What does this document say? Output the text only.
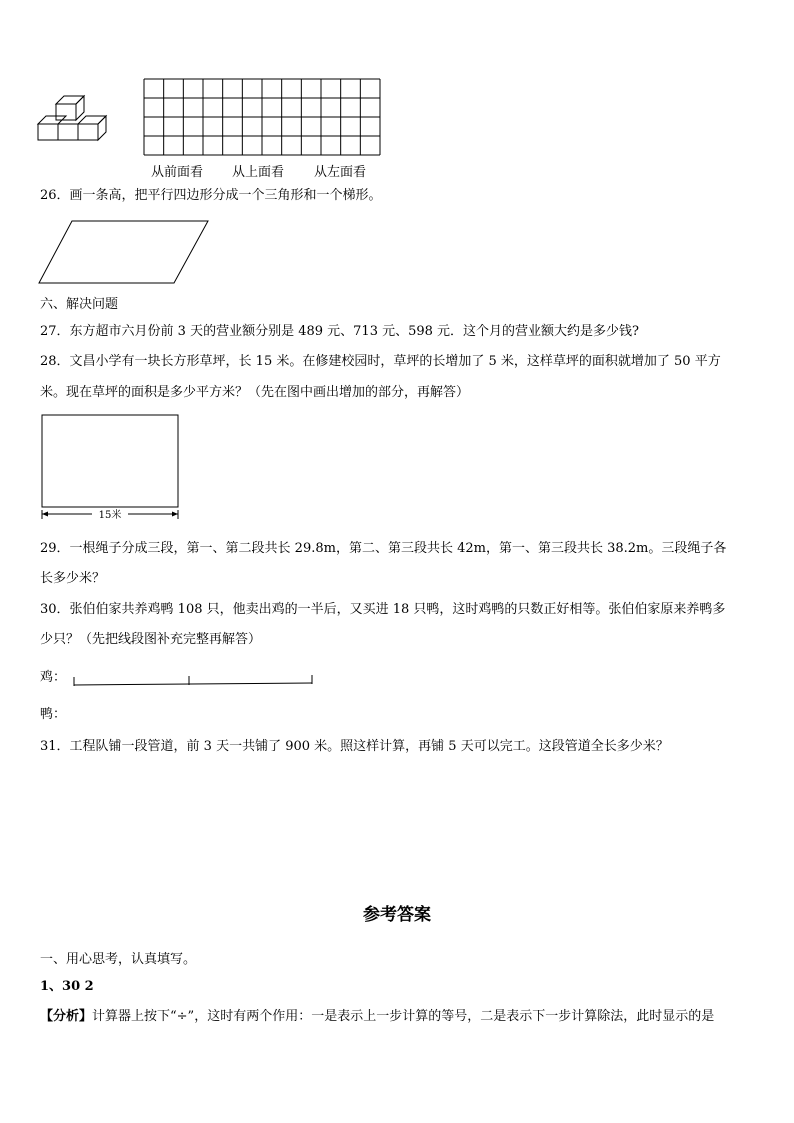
从前面看 从上面看 从左面看
26．画一条高，把平行四边形分成一个三角形和一个梯形。
六、解决问题
27．东方超市六月份前 3 天的营业额分别是 489 元、713 元、598 元．这个月的营业额大约是多少钱?
28．文昌小学有一块长方形草坪，长 15 米。在修建校园时，草坪的长增加了 5 米，这样草坪的面积就增加了 50 平方
米。现在草坪的面积是多少平方米？（先在图中画出增加的部分，再解答）
15米
29．一根绳子分成三段，第一、第二段共长 29.8m，第二、第三段共长 42m，第一、第三段共长 38.2m。三段绳子各
长多少米？
30．张伯伯家共养鸡鸭 108 只，他卖出鸡的一半后，又买进 18 只鸭，这时鸡鸭的只数正好相等。张伯伯家原来养鸭多
少只？（先把线段图补充完整再解答）
鸡：
鸭：
31．工程队铺一段管道，前 3 天一共铺了 900 米。照这样计算，再铺 5 天可以完工。这段管道全长多少米？
参考答案
一、用心思考，认真填写。
1、30 2
【分析】计算器上按下“÷”，这时有两个作用：一是表示上一步计算的等号，二是表示下一步计算除法，此时显示的是
